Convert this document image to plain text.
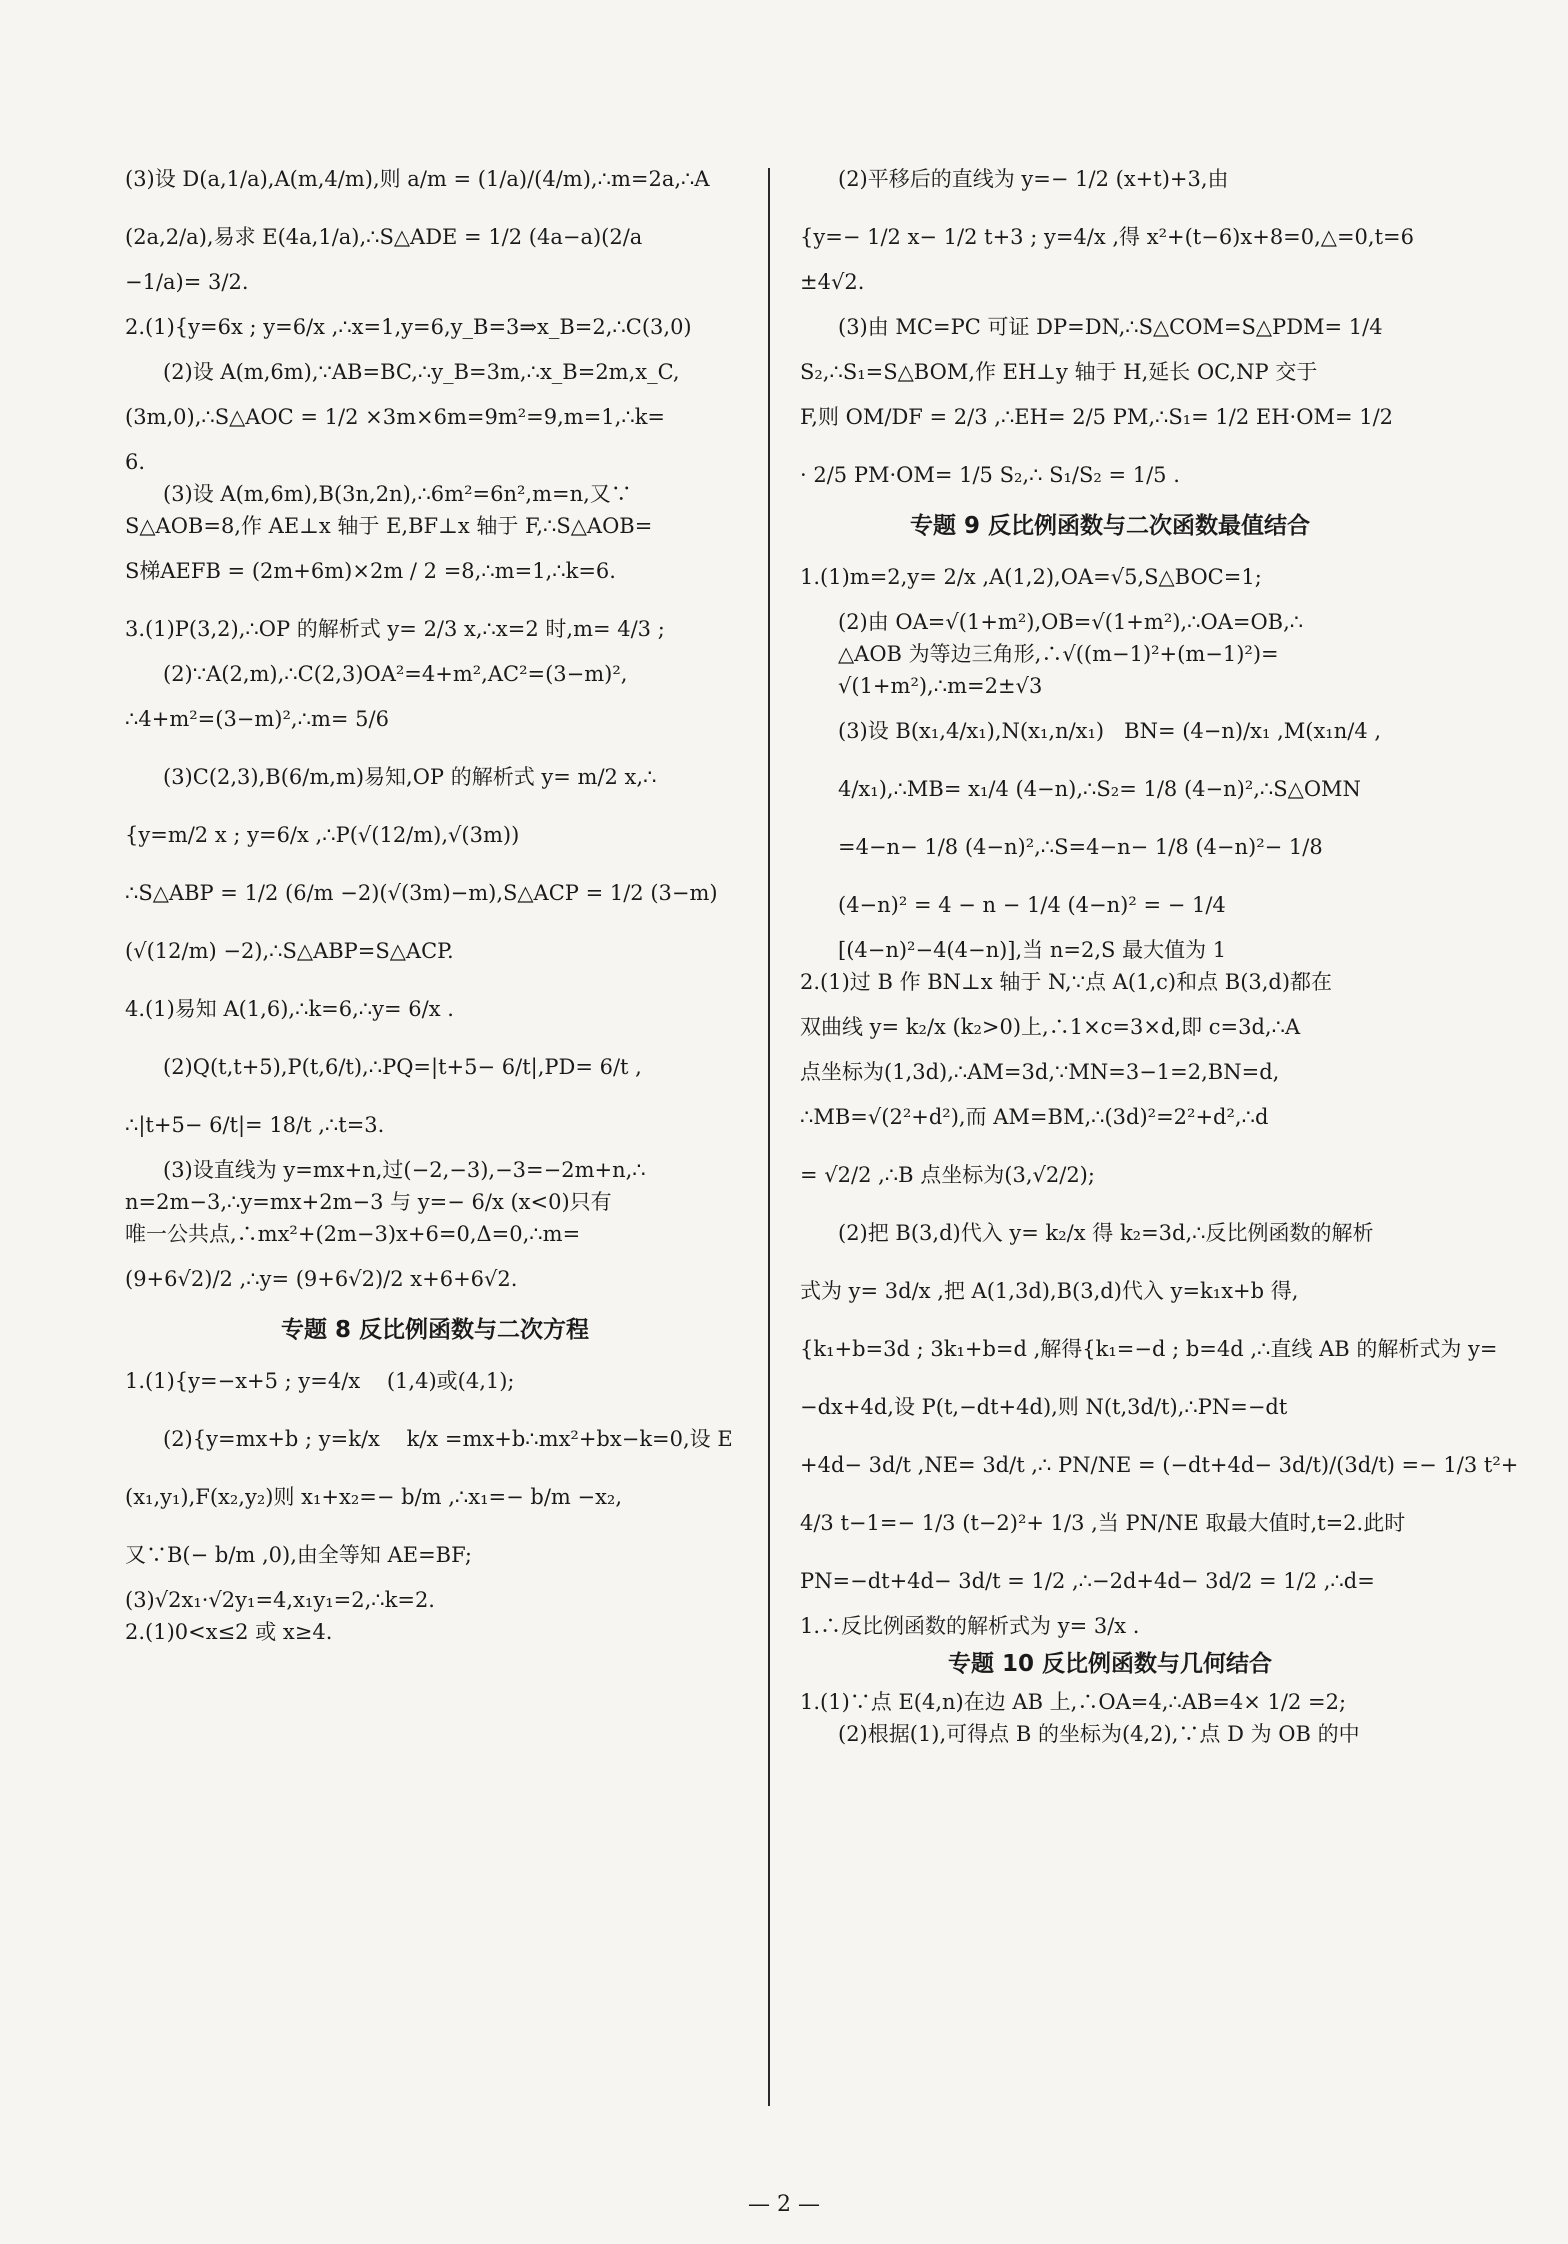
(3)设 D(a,1/a),A(m,4/m),则 a/m = (1/a)/(4/m),∴m=2a,∴A
(2a,2/a),易求 E(4a,1/a),∴S△ADE = 1/2 (4a−a)(2/a
−1/a)= 3/2.
2.(1){y=6x ; y=6/x ,∴x=1,y=6,y_B=3⇒x_B=2,∴C(3,0)
(2)设 A(m,6m),∵AB=BC,∴y_B=3m,∴x_B=2m,x_C,
(3m,0),∴S△AOC = 1/2 ×3m×6m=9m²=9,m=1,∴k=
6.
(3)设 A(m,6m),B(3n,2n),∴6m²=6n²,m=n,又∵
S△AOB=8,作 AE⊥x 轴于 E,BF⊥x 轴于 F,∴S△AOB=
S梯AEFB = (2m+6m)×2m / 2 =8,∴m=1,∴k=6.
3.(1)P(3,2),∴OP 的解析式 y= 2/3 x,∴x=2 时,m= 4/3 ;
(2)∵A(2,m),∴C(2,3)OA²=4+m²,AC²=(3−m)²,
∴4+m²=(3−m)²,∴m= 5/6
(3)C(2,3),B(6/m,m)易知,OP 的解析式 y= m/2 x,∴
{y=m/2 x ; y=6/x ,∴P(√(12/m),√(3m))
∴S△ABP = 1/2 (6/m −2)(√(3m)−m),S△ACP = 1/2 (3−m)
(√(12/m) −2),∴S△ABP=S△ACP.
4.(1)易知 A(1,6),∴k=6,∴y= 6/x .
(2)Q(t,t+5),P(t,6/t),∴PQ=|t+5− 6/t|,PD= 6/t ,
∴|t+5− 6/t|= 18/t ,∴t=3.
(3)设直线为 y=mx+n,过(−2,−3),−3=−2m+n,∴
n=2m−3,∴y=mx+2m−3 与 y=− 6/x (x<0)只有
唯一公共点,∴mx²+(2m−3)x+6=0,Δ=0,∴m=
(9+6√2)/2 ,∴y= (9+6√2)/2 x+6+6√2.
专题 8 反比例函数与二次方程
1.(1){y=−x+5 ; y=4/x    (1,4)或(4,1);
(2){y=mx+b ; y=k/x    k/x =mx+b∴mx²+bx−k=0,设 E
(x₁,y₁),F(x₂,y₂)则 x₁+x₂=− b/m ,∴x₁=− b/m −x₂,
又∵B(− b/m ,0),由全等知 AE=BF;
(3)√2x₁·√2y₁=4,x₁y₁=2,∴k=2.
2.(1)0<x≤2 或 x≥4.
(2)平移后的直线为 y=− 1/2 (x+t)+3,由
{y=− 1/2 x− 1/2 t+3 ; y=4/x ,得 x²+(t−6)x+8=0,△=0,t=6
±4√2.
(3)由 MC=PC 可证 DP=DN,∴S△COM=S△PDM= 1/4
S₂,∴S₁=S△BOM,作 EH⊥y 轴于 H,延长 OC,NP 交于
F,则 OM/DF = 2/3 ,∴EH= 2/5 PM,∴S₁= 1/2 EH·OM= 1/2
· 2/5 PM·OM= 1/5 S₂,∴ S₁/S₂ = 1/5 .
专题 9 反比例函数与二次函数最值结合
1.(1)m=2,y= 2/x ,A(1,2),OA=√5,S△BOC=1;
(2)由 OA=√(1+m²),OB=√(1+m²),∴OA=OB,∴
△AOB 为等边三角形,∴√((m−1)²+(m−1)²)=
√(1+m²),∴m=2±√3
(3)设 B(x₁,4/x₁),N(x₁,n/x₁)   BN= (4−n)/x₁ ,M(x₁n/4 ,
4/x₁),∴MB= x₁/4 (4−n),∴S₂= 1/8 (4−n)²,∴S△OMN
=4−n− 1/8 (4−n)²,∴S=4−n− 1/8 (4−n)²− 1/8
(4−n)² = 4 − n − 1/4 (4−n)² = − 1/4
[(4−n)²−4(4−n)],当 n=2,S 最大值为 1
2.(1)过 B 作 BN⊥x 轴于 N,∵点 A(1,c)和点 B(3,d)都在
双曲线 y= k₂/x (k₂>0)上,∴1×c=3×d,即 c=3d,∴A
点坐标为(1,3d),∴AM=3d,∵MN=3−1=2,BN=d,
∴MB=√(2²+d²),而 AM=BM,∴(3d)²=2²+d²,∴d
= √2/2 ,∴B 点坐标为(3,√2/2);
(2)把 B(3,d)代入 y= k₂/x 得 k₂=3d,∴反比例函数的解析
式为 y= 3d/x ,把 A(1,3d),B(3,d)代入 y=k₁x+b 得,
{k₁+b=3d ; 3k₁+b=d ,解得{k₁=−d ; b=4d ,∴直线 AB 的解析式为 y=
−dx+4d,设 P(t,−dt+4d),则 N(t,3d/t),∴PN=−dt
+4d− 3d/t ,NE= 3d/t ,∴ PN/NE = (−dt+4d− 3d/t)/(3d/t) =− 1/3 t²+
4/3 t−1=− 1/3 (t−2)²+ 1/3 ,当 PN/NE 取最大值时,t=2.此时
PN=−dt+4d− 3d/t = 1/2 ,∴−2d+4d− 3d/2 = 1/2 ,∴d=
1.∴反比例函数的解析式为 y= 3/x .
专题 10 反比例函数与几何结合
1.(1)∵点 E(4,n)在边 AB 上,∴OA=4,∴AB=4× 1/2 =2;
(2)根据(1),可得点 B 的坐标为(4,2),∵点 D 为 OB 的中
— 2 —
